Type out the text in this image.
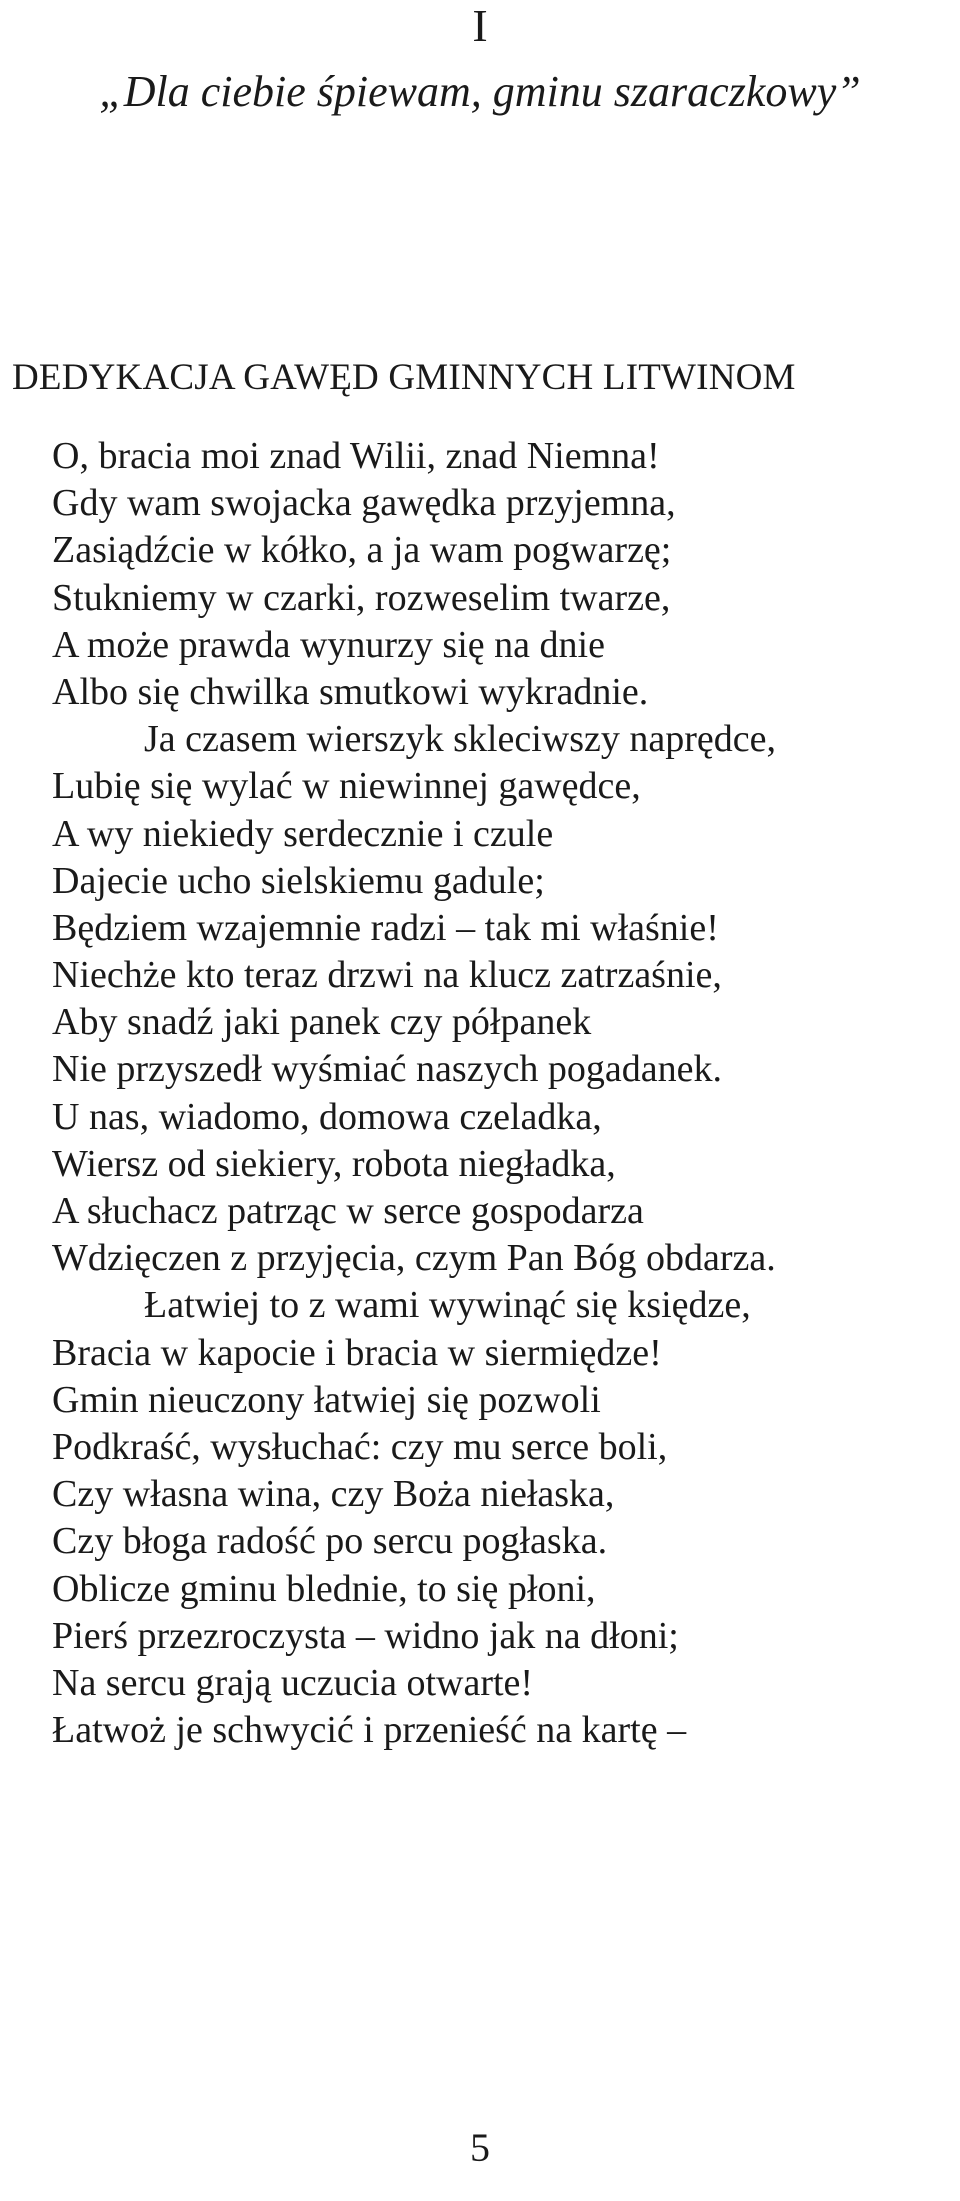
I
„Dla ciebie śpiewam, gminu szaraczkowy”
DEDYKACJA GAWĘD GMINNYCH LITWINOM
O, bracia moi znad Wilii, znad Niemna!
Gdy wam swojacka gawędka przyjemna,
Zasiądźcie w kółko, a ja wam pogwarzę;
Stukniemy w czarki, rozweselim twarze,
A może prawda wynurzy się na dnie
Albo się chwilka smutkowi wykradnie.
Ja czasem wierszyk skleciwszy naprędce,
Lubię się wylać w niewinnej gawędce,
A wy niekiedy serdecznie i czule
Dajecie ucho sielskiemu gadule;
Będziem wzajemnie radzi – tak mi właśnie!
Niechże kto teraz drzwi na klucz zatrzaśnie,
Aby snadź jaki panek czy półpanek
Nie przyszedł wyśmiać naszych pogadanek.
U nas, wiadomo, domowa czeladka,
Wiersz od siekiery, robota niegładka,
A słuchacz patrząc w serce gospodarza
Wdzięczen z przyjęcia, czym Pan Bóg obdarza.
Łatwiej to z wami wywinąć się księdze,
Bracia w kapocie i bracia w siermiędze!
Gmin nieuczony łatwiej się pozwoli
Podkraść, wysłuchać: czy mu serce boli,
Czy własna wina, czy Boża niełaska,
Czy błoga radość po sercu pogłaska.
Oblicze gminu blednie, to się płoni,
Pierś przezroczysta – widno jak na dłoni;
Na sercu grają uczucia otwarte!
Łatwoż je schwycić i przenieść na kartę –
5
